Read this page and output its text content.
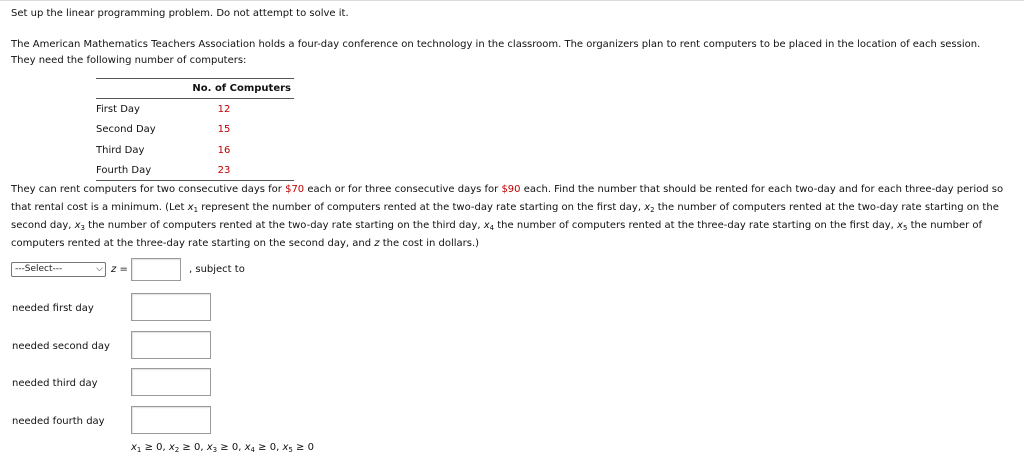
Set up the linear programming problem. Do not attempt to solve it.
The American Mathematics Teachers Association holds a four-day conference on technology in the classroom. The organizers plan to rent computers to be placed in the location of each session.
They need the following number of computers:
No. of Computers
First Day	12
Second Day	15
Third Day	16
Fourth Day	23
They can rent computers for two consecutive days for $70 each or for three consecutive days for $90 each. Find the number that should be rented for each two-day and for each three-day period so that rental cost is a minimum. (Let $x_1$ represent the number of computers rented at the two-day rate starting on the first day, $x_2$ the number of computers rented at the two-day rate starting on the second day, $x_3$ the number of computers rented at the two-day rate starting on the third day, $x_4$ the number of computers rented at the three-day rate starting on the first day, $x_5$ the number of computers rented at the three-day rate starting on the second day, and z the cost in dollars.)
---Select---	⌵ z =	, subject to
needed first day
needed second day
needed third day
needed fourth day
$x_1 \ge 0$, $x_2 \ge 0$, $x_3 \ge 0$, $x_4 \ge 0$, $x_5 \ge 0$
